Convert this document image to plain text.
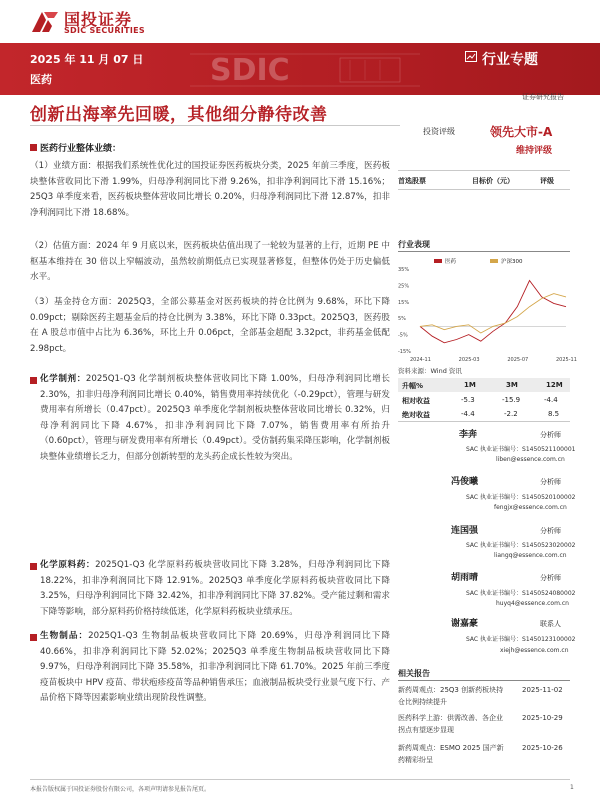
国投证券
SDIC SECURITIES
SDIC
2025 年 11 月 07 日
医药
行业专题
创新出海率先回暖，其他细分静待改善
证券研究报告
投资评级	领先大市-A
维持评级
首选股票	目标价（元）	评级
行业表现
医药	沪深300
35%
25%
15%
5%
-5%
-15%
2024-11	2025-03	2025-07	2025-11
资料来源：Wind 资讯
升幅%	1M	3M	12M
相对收益	-5.3	-15.9	-4.4
绝对收益	-4.4	-2.2	8.5
李奔	分析师
SAC 执业证书编号：S1450521100001
liben@essence.com.cn
冯俊曦	分析师
SAC 执业证书编号：S1450520100002
fengjx@essence.com.cn
连国强	分析师
SAC 执业证书编号：S1450523020002
liangq@essence.com.cn
胡雨晴	分析师
SAC 执业证书编号：S1450524080002
huyq4@essence.com.cn
谢嘉豪	联系人
SAC 执业证书编号：S1450123100002
xiejh@essence.com.cn
相关报告
新药周观点：25Q3 创新药板块持仓比例持续提升
2025-11-02
医药科学上游：供需改善、各企业拐点有望逐步显现
2025-10-29
新药周观点：ESMO 2025 国产新药精彩纷呈
2025-10-26
医药行业整体业绩：
（1）业绩方面：根据我们系统性优化过的国投证券医药板块分类，2025 年前三季度，医药板块整体营收同比下滑 1.99%，归母净利润同比下滑 9.26%，扣非净利润同比下滑 15.16%；25Q3 单季度来看，医药板块整体营收同比增长 0.20%，归母净利润同比下滑 12.87%，扣非净利润同比下滑 18.68%。
（2）估值方面：2024 年 9 月底以来，医药板块估值出现了一轮较为显著的上行，近期 PE 中枢基本维持在 30 倍以上窄幅波动，虽然较前期低点已实现显著修复，但整体仍处于历史偏低水平。
（3）基金持仓方面：2025Q3，全部公募基金对医药板块的持仓比例为 9.68%，环比下降 0.09pct；剔除医药主题基金后的持仓比例为 3.38%，环比下降 0.33pct。2025Q3，医药股在 A 股总市值中占比为 6.36%，环比上升 0.06pct，全部基金超配 3.32pct，非药基金低配 2.98pct。
化学制剂：2025Q1-Q3 化学制剂板块整体营收同比下降 1.00%，归母净利润同比增长 2.30%，扣非归母净利润同比增长 0.40%，销售费用率持续优化（-0.29pct），管理与研发费用率有所增长（0.47pct）。2025Q3 单季度化学制剂板块整体营收同比增长 0.32%，归母净利润同比下降 4.67%，扣非净利润同比下降 7.07%，销售费用率有所抬升（0.60pct），管理与研发费用率有所增长（0.49pct）。受仿制药集采降压影响，化学制剂板块整体业绩增长乏力，但部分创新转型的龙头药企成长性较为突出。
化学原料药：2025Q1-Q3 化学原料药板块营收同比下降 3.28%，归母净利润同比下降 18.22%，扣非净利润同比下降 12.91%。2025Q3 单季度化学原料药板块营收同比下降 3.25%，归母净利润同比下降 32.42%，扣非净利润同比下降 37.82%。受产能过剩和需求下降等影响，部分原料药价格持续低迷，化学原料药板块业绩承压。
生物制品：2025Q1-Q3 生物制品板块营收同比下降 20.69%，归母净利润同比下降 40.66%，扣非净利润同比下降 52.02%；2025Q3 单季度生物制品板块营收同比下降 9.97%，归母净利润同比下降 35.58%，扣非净利润同比下降 61.70%。2025 年前三季度疫苗板块中 HPV 疫苗、带状疱疹疫苗等品种销售承压；血液制品板块受行业景气度下行、产品价格下降等因素影响业绩出现阶段性调整。
本报告版权属于国投证券股份有限公司，各项声明请参见报告尾页。	1
